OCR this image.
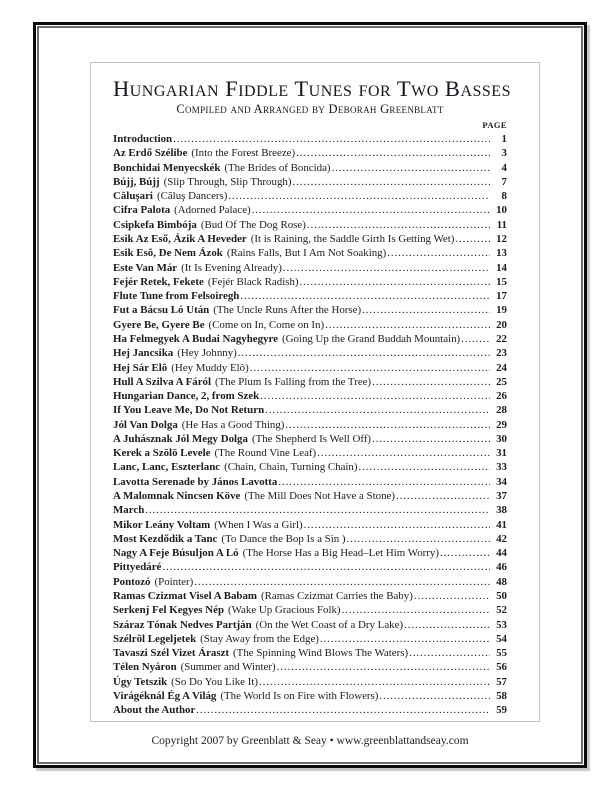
Hungarian Fiddle Tunes for Two Basses
Compiled and Arranged by Deborah Greenblatt
PAGE
Introduction .....	1
Az Erdő Szélibe (Into the Forest Breeze) .....	3
Bonchidai Menyecskék (The Brides of Boncida) .....	4
Bújj, Bújj (Slip Through, Slip Through) .....	7
Căluşari (Căluş Dancers) .....	8
Cifra Palota (Adorned Palace) .....	10
Csipkefa Bimbója (Bud Of The Dog Rose) .....	11
Esik Az Eső, Ázik A Heveder (It is Raining, the Saddle Girth Is Getting Wet) .....	12
Esik Esô, De Nem Ázok (Rains Falls, But I Am Not Soaking) .....	13
Este Van Már (It Is Evening Already) .....	14
Fejér Retek, Fekete (Fejér Black Radish) .....	15
Flute Tune from Felsoiregh .....	17
Fut a Bácsu Ló Után (The Uncle Runs After the Horse) .....	19
Gyere Be, Gyere Be (Come on In, Come on In) .....	20
Ha Felmegyek A Budai Nagyhegyre (Going Up the Grand Buddah Mountain) .....	22
Hej Jancsika (Hey Johnny) .....	23
Hej Sár Elô (Hey Muddy Elô) .....	24
Hull A Szilva A Fáról (The Plum Is Falling from the Tree) .....	25
Hungarian Dance, 2, from Szek .....	26
If You Leave Me, Do Not Return .....	28
Jól Van Dolga (He Has a Good Thing) .....	29
A Juhásznak Jól Megy Dolga (The Shepherd Is Well Off) .....	30
Kerek a Szōlō Levele (The Round Vine Leaf) .....	31
Lanc, Lanc, Eszterlanc (Chain, Chain, Turning Chain) .....	33
Lavotta Serenade by János Lavotta .....	34
A Malomnak Nincsen Köve (The Mill Does Not Have a Stone) .....	37
March .....	38
Mikor Leány Voltam (When I Was a Girl) .....	41
Most Kezdődik a Tanc (To Dance the Bop Is a Sin ) .....	42
Nagy A Feje Búsuljon A Ló (The Horse Has a Big Head–Let Him Worry) .....	44
Pittyedáré .....	46
Pontozó (Pointer) .....	48
Ramas Czizmat Visel A Babam (Ramas Czizmat Carries the Baby) .....	50
Serkenj Fel Kegyes Nép (Wake Up Gracious Folk) .....	52
Száraz Tónak Nedves Partján (On the Wet Coast of a Dry Lake) .....	53
Szélrôl Legeljetek (Stay Away from the Edge) .....	54
Tavaszi Szél Vizet Áraszt (The Spinning Wind Blows The Waters) .....	55
Télen Nyáron (Summer and Winter) .....	56
Úgy Tetszik (So Do You Like It) .....	57
Virágéknál Ég A Világ (The World Is on Fire with Flowers) .....	58
About the Author .....	59
Copyright 2007 by Greenblatt & Seay • www.greenblattandseay.com
